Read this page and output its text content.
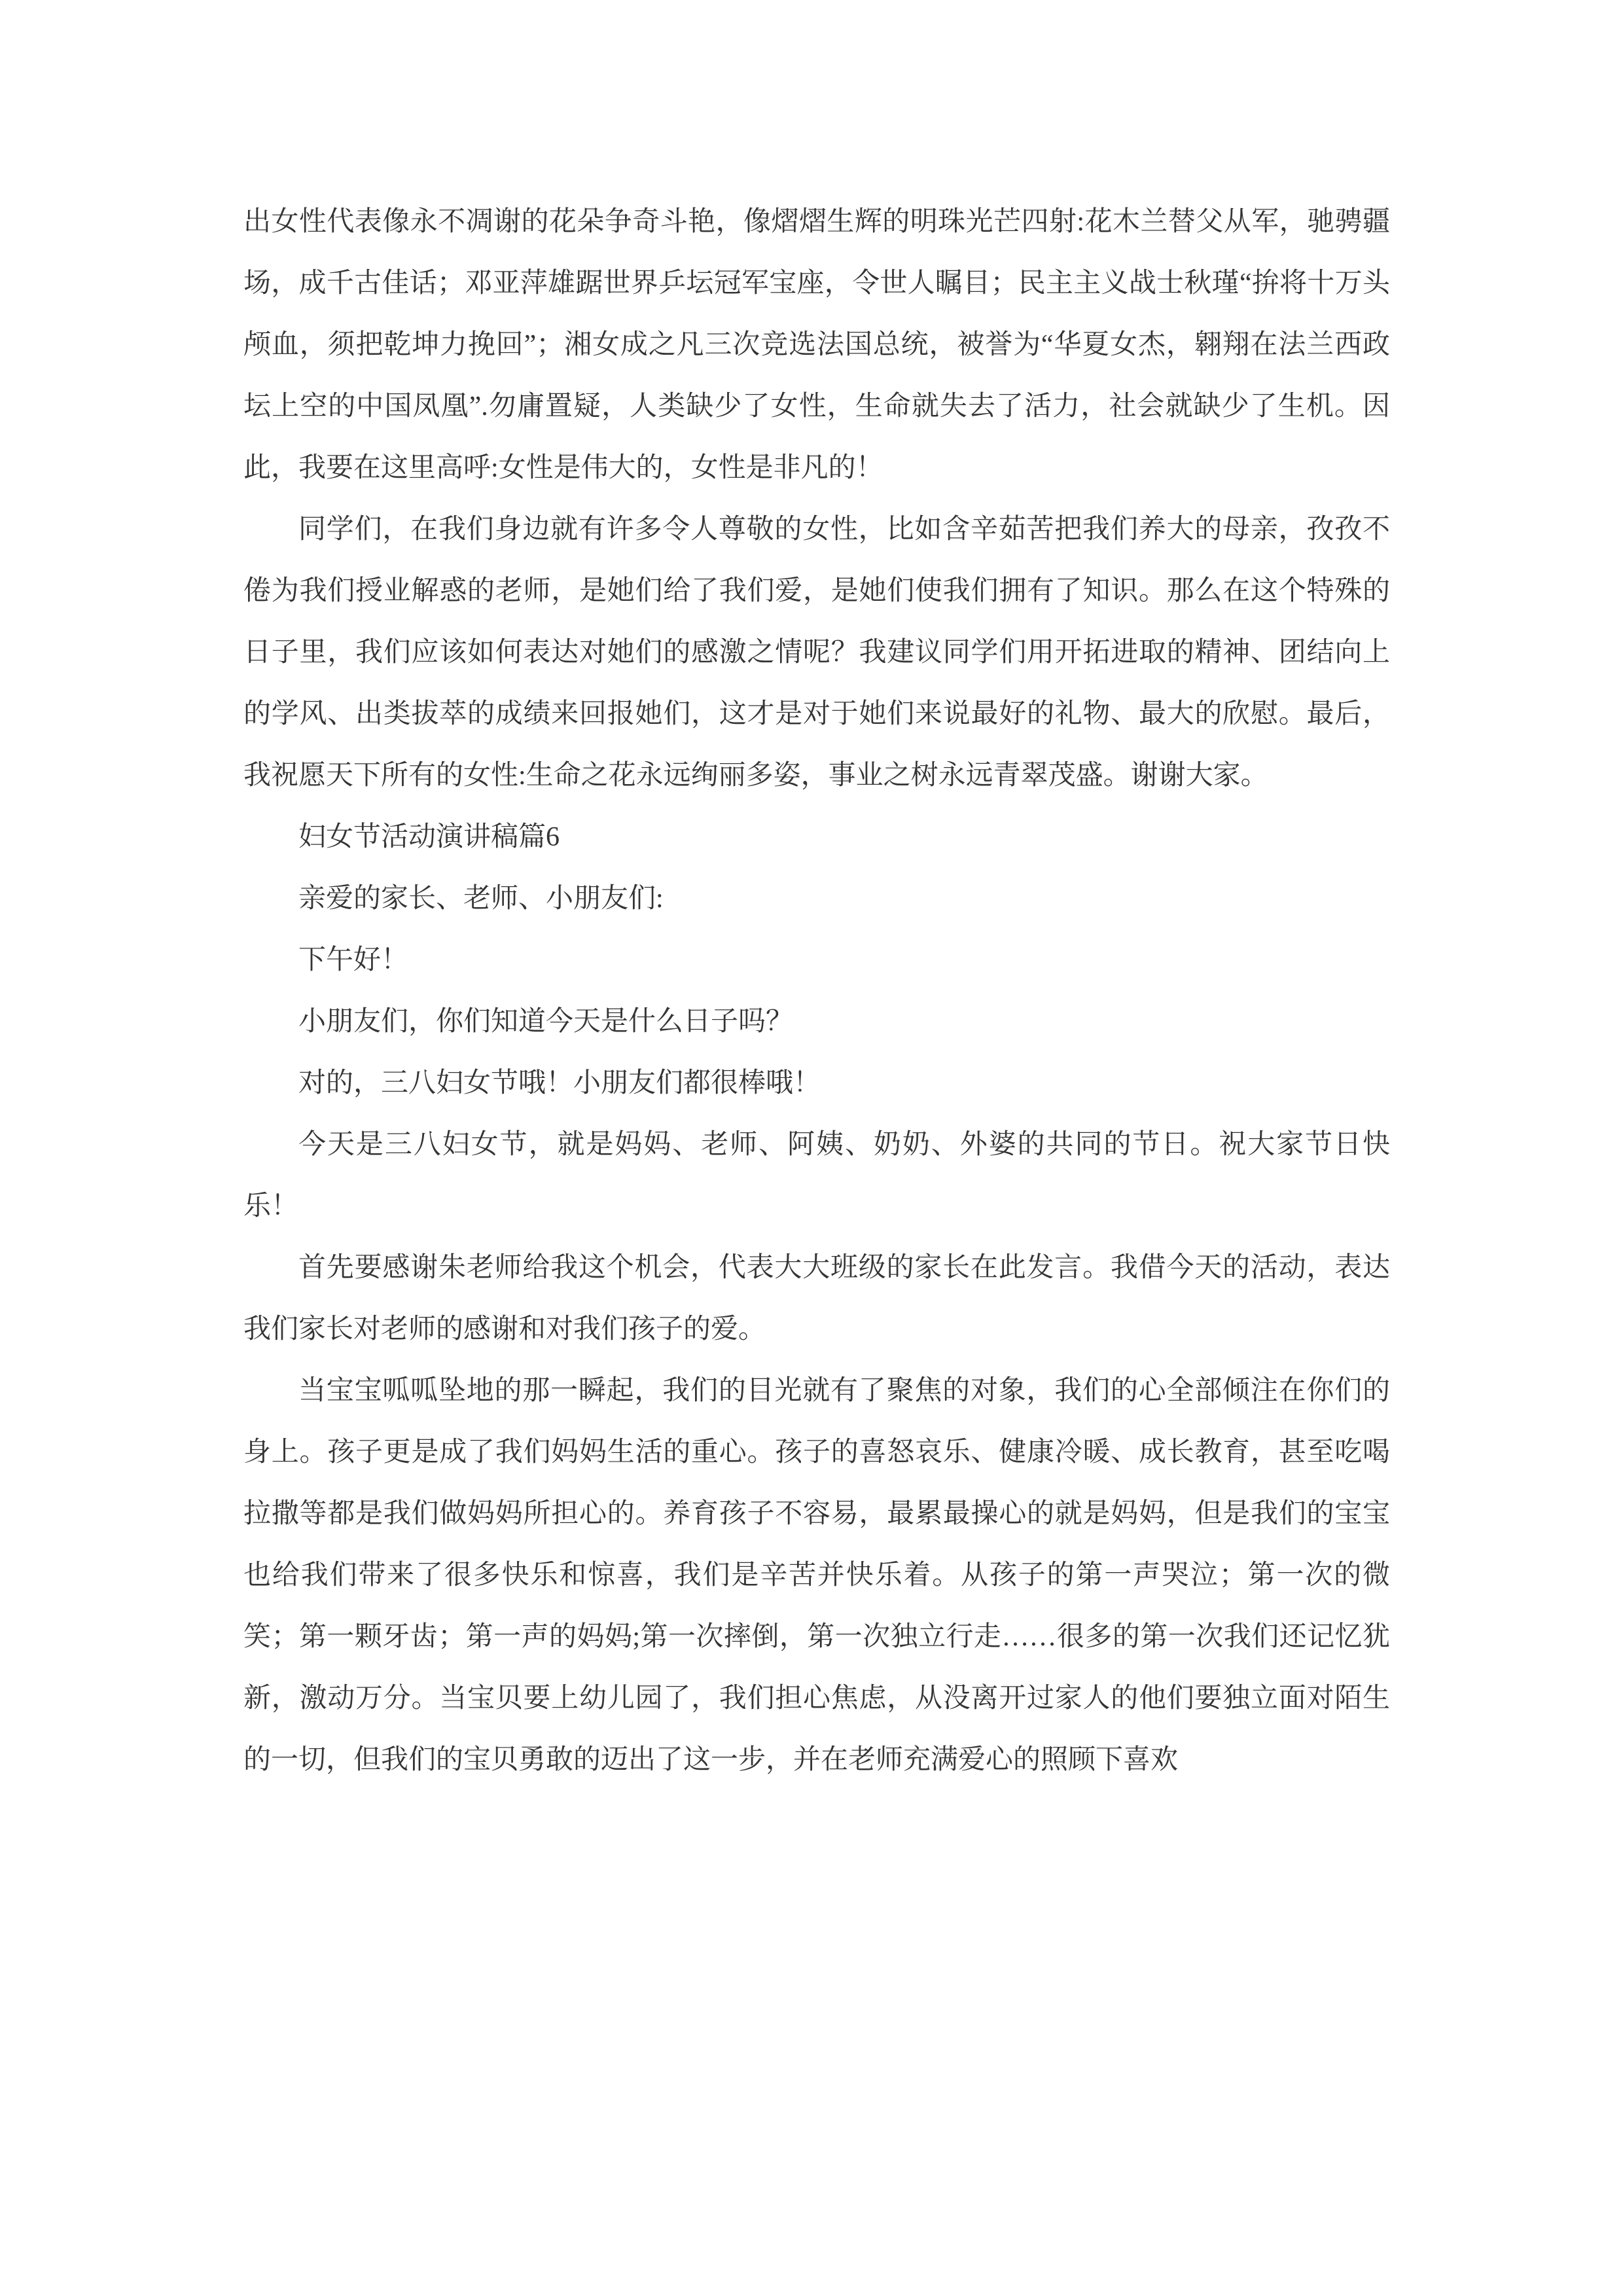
出女性代表像永不凋谢的花朵争奇斗艳，像熠熠生辉的明珠光芒四射:花木兰替父从军，驰骋疆场，成千古佳话；邓亚萍雄踞世界乒坛冠军宝座，令世人瞩目；民主主义战士秋瑾“拚将十万头颅血，须把乾坤力挽回”；湘女成之凡三次竞选法国总统，被誉为“华夏女杰，翱翔在法兰西政坛上空的中国凤凰”.勿庸置疑，人类缺少了女性，生命就失去了活力，社会就缺少了生机。因此，我要在这里高呼:女性是伟大的，女性是非凡的！

同学们，在我们身边就有许多令人尊敬的女性，比如含辛茹苦把我们养大的母亲，孜孜不倦为我们授业解惑的老师，是她们给了我们爱，是她们使我们拥有了知识。那么在这个特殊的日子里，我们应该如何表达对她们的感激之情呢？我建议同学们用开拓进取的精神、团结向上的学风、出类拔萃的成绩来回报她们，这才是对于她们来说最好的礼物、最大的欣慰。最后，我祝愿天下所有的女性:生命之花永远绚丽多姿，事业之树永远青翠茂盛。谢谢大家。

妇女节活动演讲稿篇6

亲爱的家长、老师、小朋友们:

下午好！

小朋友们，你们知道今天是什么日子吗？

对的，三八妇女节哦！小朋友们都很棒哦！

今天是三八妇女节，就是妈妈、老师、阿姨、奶奶、外婆的共同的节日。祝大家节日快乐！

首先要感谢朱老师给我这个机会，代表大大班级的家长在此发言。我借今天的活动，表达我们家长对老师的感谢和对我们孩子的爱。

当宝宝呱呱坠地的那一瞬起，我们的目光就有了聚焦的对象，我们的心全部倾注在你们的身上。孩子更是成了我们妈妈生活的重心。孩子的喜怒哀乐、健康冷暖、成长教育，甚至吃喝拉撒等都是我们做妈妈所担心的。养育孩子不容易，最累最操心的就是妈妈，但是我们的宝宝也给我们带来了很多快乐和惊喜，我们是辛苦并快乐着。从孩子的第一声哭泣；第一次的微笑；第一颗牙齿；第一声的妈妈;第一次摔倒，第一次独立行走……很多的第一次我们还记忆犹新，激动万分。当宝贝要上幼儿园了，我们担心焦虑，从没离开过家人的他们要独立面对陌生的一切，但我们的宝贝勇敢的迈出了这一步，并在老师充满爱心的照顾下喜欢
